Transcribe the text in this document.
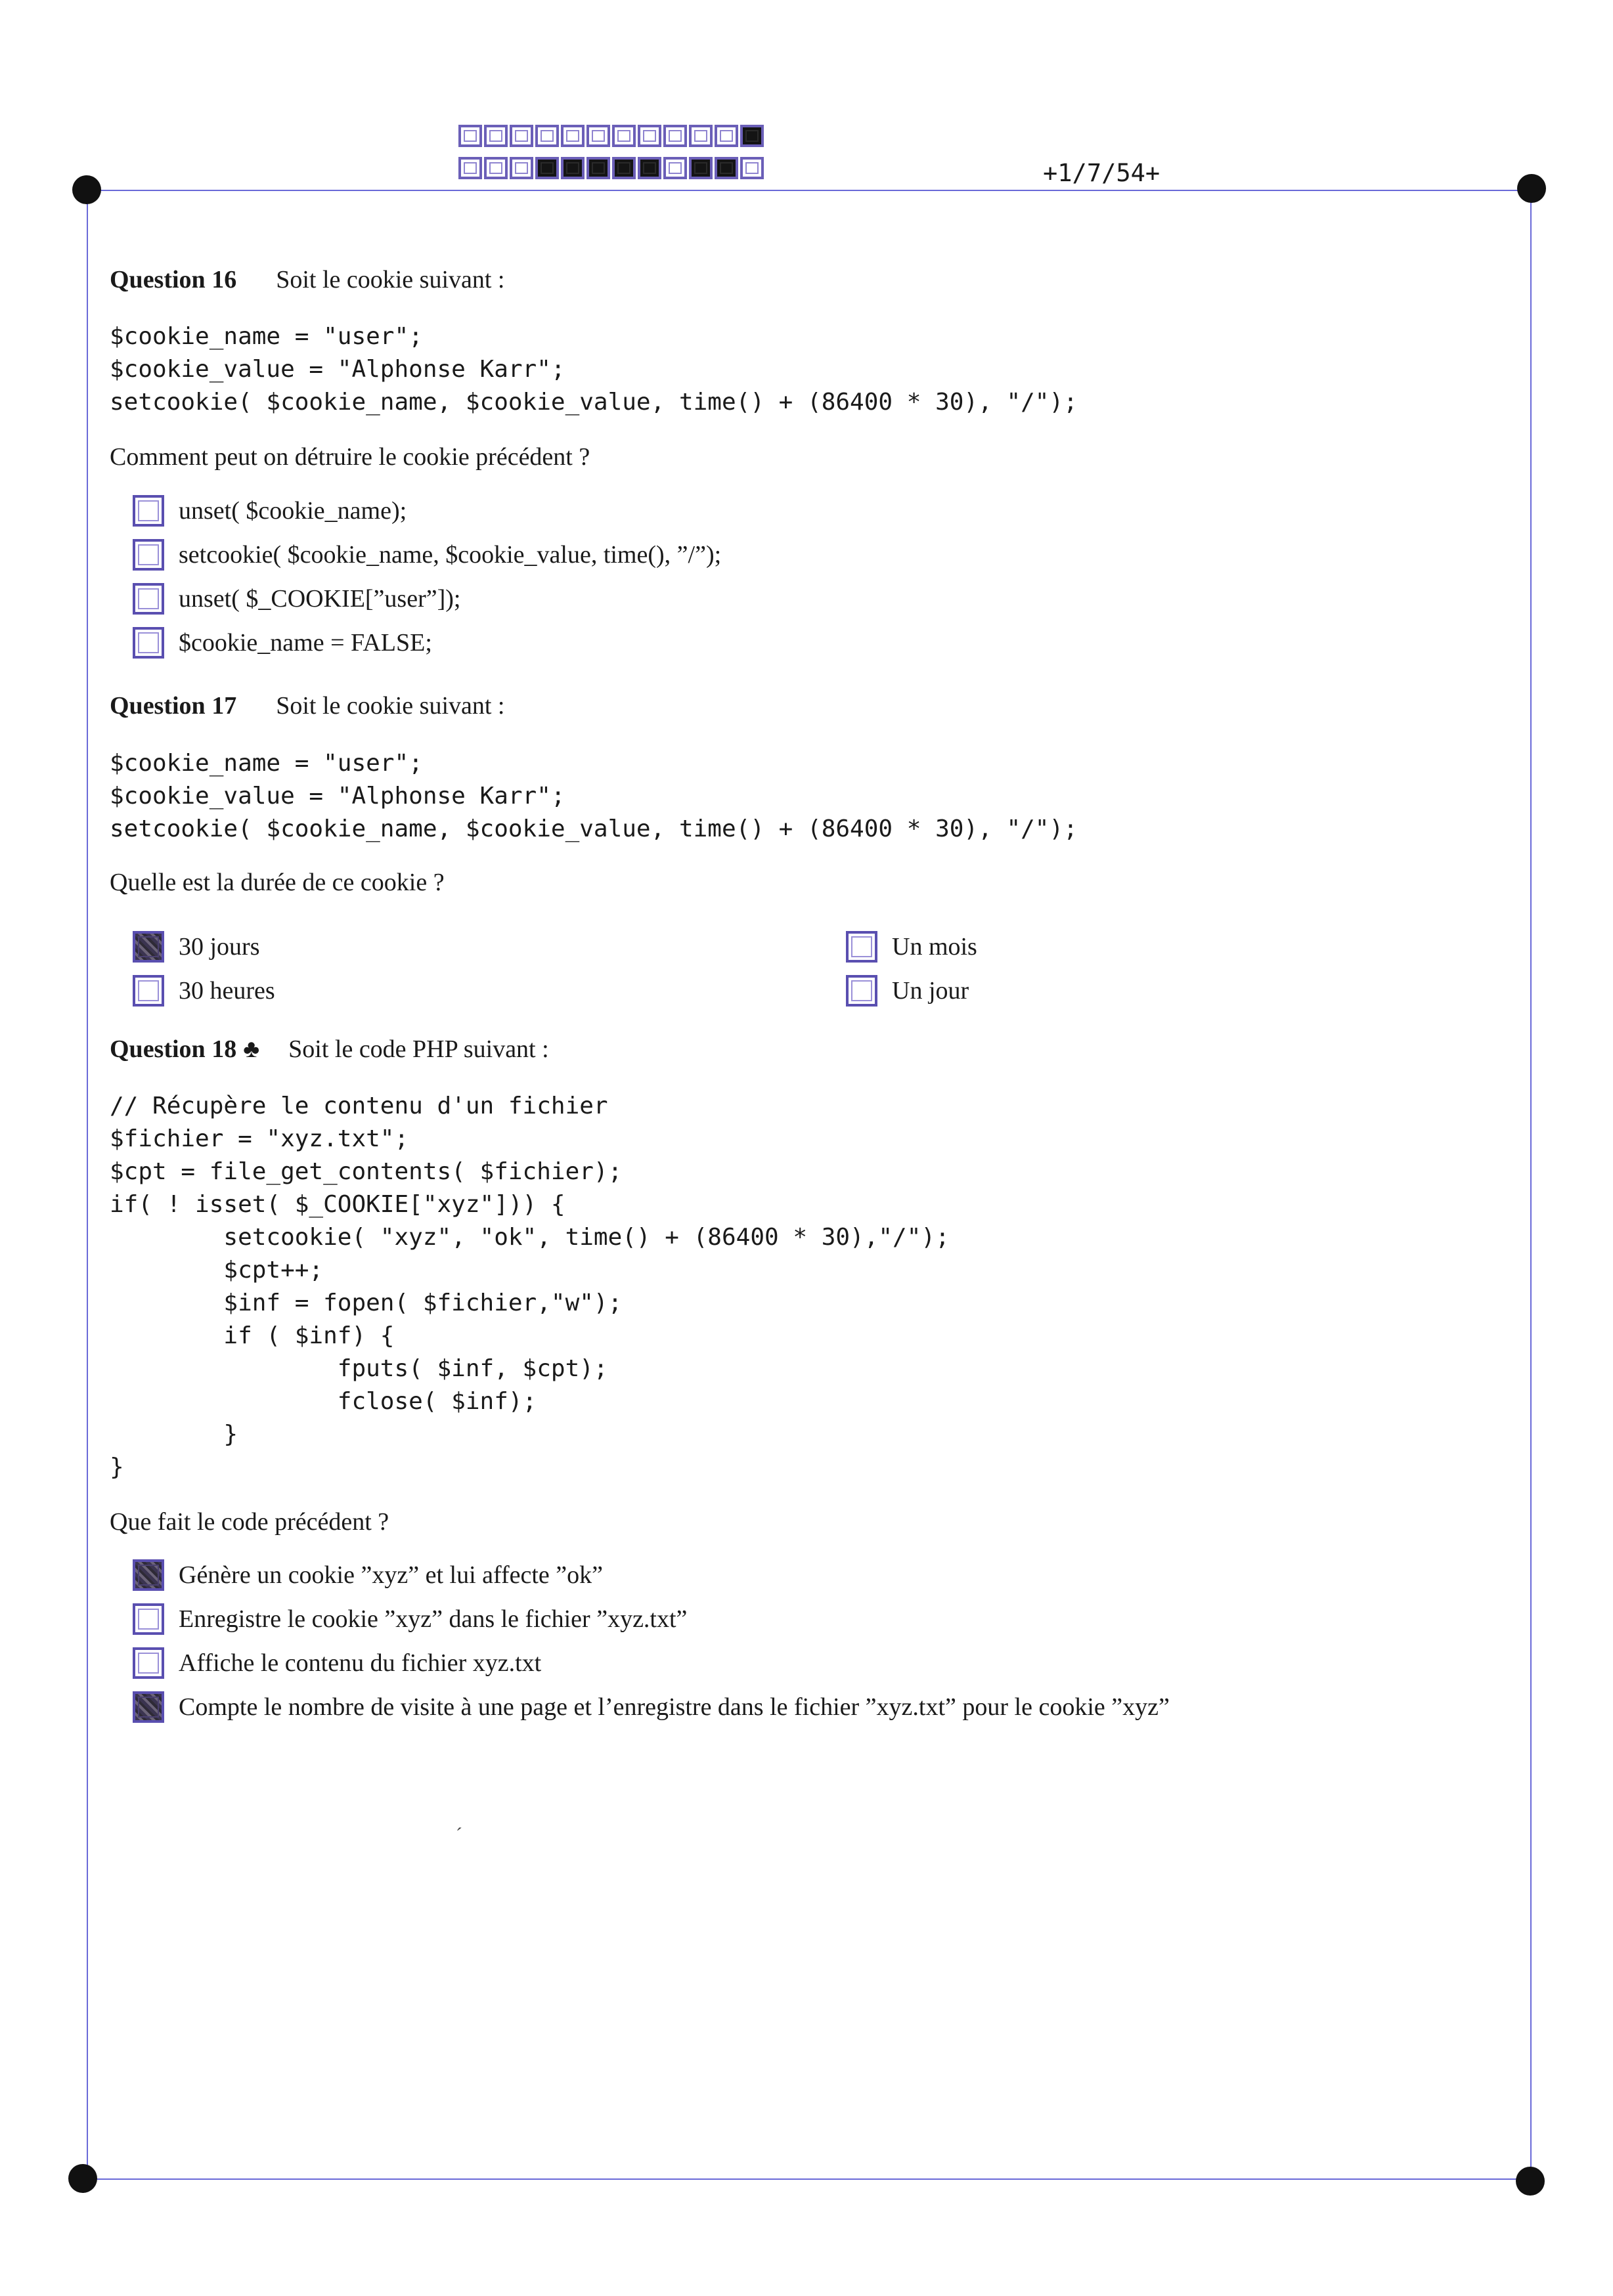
+1/7/54+
Question 16 Soit le cookie suivant :
$cookie_name = "user";
$cookie_value = "Alphonse Karr";
setcookie( $cookie_name, $cookie_value, time() + (86400 * 30), "/");
Comment peut on détruire le cookie précédent ?
unset( $cookie_name);
setcookie( $cookie_name, $cookie_value, time(), ”/”);
unset( $_COOKIE[”user”]);
$cookie_name = FALSE;
Question 17 Soit le cookie suivant :
$cookie_name = "user";
$cookie_value = "Alphonse Karr";
setcookie( $cookie_name, $cookie_value, time() + (86400 * 30), "/");
Quelle est la durée de ce cookie ?
30 jours	Un mois
30 heures	Un jour
Question 18 ♣ Soit le code PHP suivant :
// Récupère le contenu d'un fichier
$fichier = "xyz.txt";
$cpt = file_get_contents( $fichier);
if( ! isset( $_COOKIE["xyz"])) {
setcookie( "xyz", "ok", time() + (86400 * 30),"/");
$cpt++;
$inf = fopen( $fichier,"w");
if ( $inf) {
fputs( $inf, $cpt);
fclose( $inf);
}
}
Que fait le code précédent ?
Génère un cookie ”xyz” et lui affecte ”ok”
Enregistre le cookie ”xyz” dans le fichier ”xyz.txt”
Affiche le contenu du fichier xyz.txt
Compte le nombre de visite à une page et l’enregistre dans le fichier ”xyz.txt” pour le cookie ”xyz”
´
